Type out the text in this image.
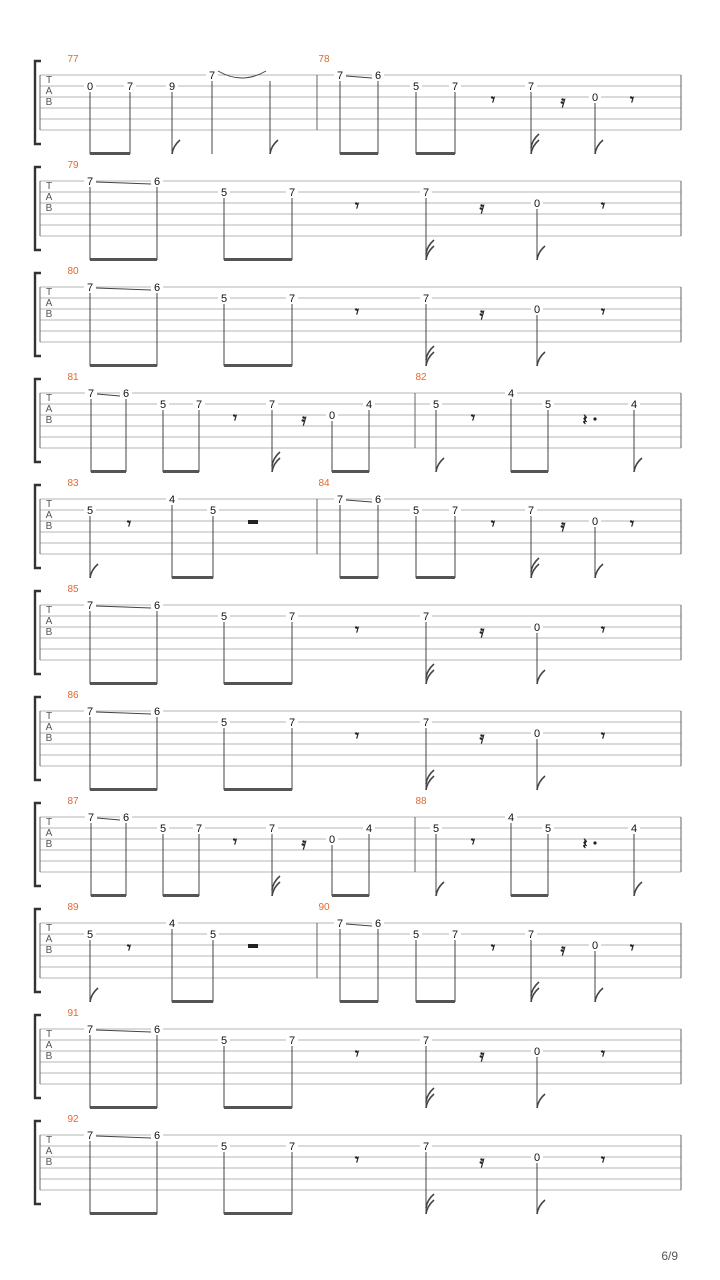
T
A
B
77
0	7	9
7
78
7	6
5	7
𝄾
7
𝄿 0 𝄾
T
A
B
79
7	6
5	7
𝄾
7
𝄿	0	𝄾
T
A
B
80
7	6
5	7
𝄾
7
𝄿	0	𝄾
T
A
B
81
7	6
5	7
𝄾
7
𝄿 0
4
82
5
𝄾
4
5
𝄽
4
T
A
B
83
5
𝄾
4
5
84
7	6
5	7
𝄾
7
𝄿 0 𝄾
T
A
B
85
7	6
5	7
𝄾
7
𝄿	0	𝄾
T
A
B
86
7	6
5	7
𝄾
7
𝄿	0	𝄾
T
A
B
87
7	6
5	7
𝄾
7
𝄿 0
4
88
5
𝄾
4
5
𝄽
4
T
A
B
89
5
𝄾
4
5
90
7	6
5	7
𝄾
7
𝄿 0 𝄾
T
A
B
91
7	6
5	7
𝄾
7
𝄿	0	𝄾
T
A
B
92
7	6
5	7
𝄾
7
𝄿	0	𝄾
6/9
